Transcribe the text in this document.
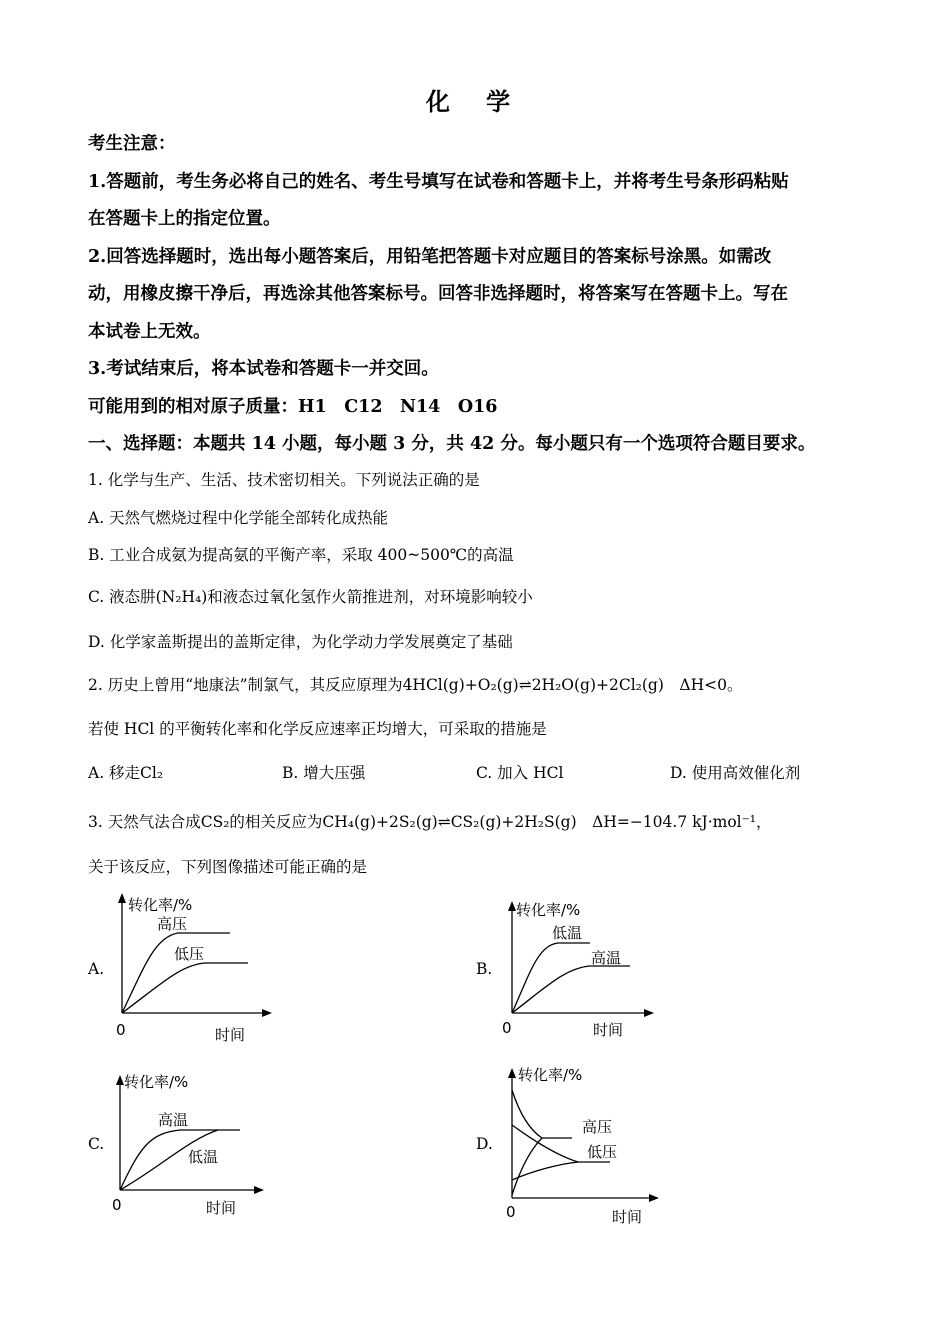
化 学
考生注意：
1.答题前，考生务必将自己的姓名、考生号填写在试卷和答题卡上，并将考生号条形码粘贴
在答题卡上的指定位置。
2.回答选择题时，选出每小题答案后，用铅笔把答题卡对应题目的答案标号涂黑。如需改
动，用橡皮擦干净后，再选涂其他答案标号。回答非选择题时，将答案写在答题卡上。写在
本试卷上无效。
3.考试结束后，将本试卷和答题卡一并交回。
可能用到的相对原子质量：H1　C12　N14　O16
一、选择题：本题共 14 小题，每小题 3 分，共 42 分。每小题只有一个选项符合题目要求。
1. 化学与生产、生活、技术密切相关。下列说法正确的是
A. 天然气燃烧过程中化学能全部转化成热能
B. 工业合成氨为提高氨的平衡产率，采取 400~500℃的高温
C. 液态肼(N₂H₄)和液态过氧化氢作火箭推进剂，对环境影响较小
D. 化学家盖斯提出的盖斯定律，为化学动力学发展奠定了基础
2. 历史上曾用“地康法”制氯气，其反应原理为4HCl(g)+O₂(g)⇌2H₂O(g)+2Cl₂(g)　ΔH<0。
若使 HCl 的平衡转化率和化学反应速率正均增大，可采取的措施是
A. 移走Cl₂	B. 增大压强	C. 加入 HCl	D. 使用高效催化剂
3. 天然气法合成CS₂的相关反应为CH₄(g)+2S₂(g)⇌CS₂(g)+2H₂S(g)　ΔH=−104.7 kJ·mol⁻¹，
关于该反应，下列图像描述可能正确的是
A.
转化率/%
高压
低压
0	时间
B.
转化率/%
低温
高温
0	时间
C.
转化率/%
高温
低温
0	时间
D.
转化率/%
高压
低压
0	时间
